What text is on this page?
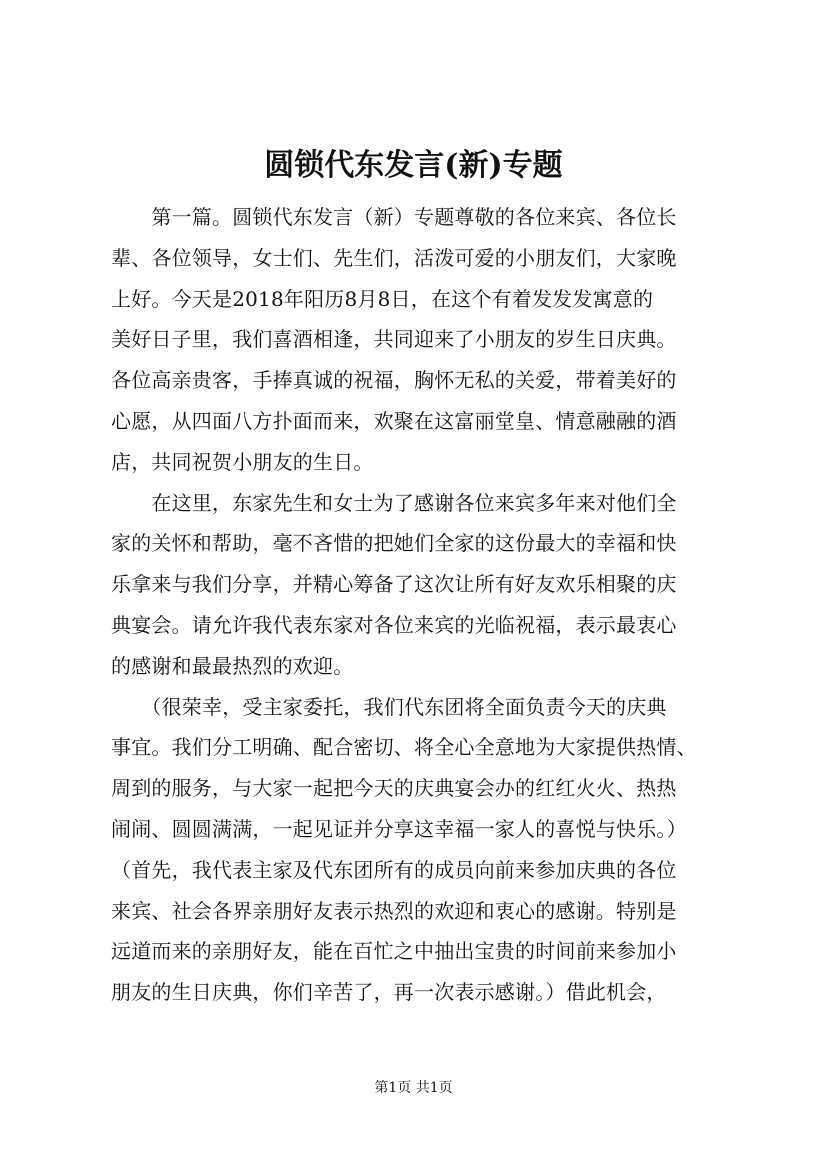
圆锁代东发言(新)专题
　　第一篇。圆锁代东发言（新）专题尊敬的各位来宾、各位长
辈、各位领导，女士们、先生们，活泼可爱的小朋友们，大家晚
上好。今天是2018年阳历8月8日，在这个有着发发发寓意的
美好日子里，我们喜酒相逢，共同迎来了小朋友的岁生日庆典。
各位高亲贵客，手捧真诚的祝福，胸怀无私的关爱，带着美好的
心愿，从四面八方扑面而来，欢聚在这富丽堂皇、情意融融的酒
店，共同祝贺小朋友的生日。
　　在这里，东家先生和女士为了感谢各位来宾多年来对他们全
家的关怀和帮助，毫不吝惜的把她们全家的这份最大的幸福和快
乐拿来与我们分享，并精心筹备了这次让所有好友欢乐相聚的庆
典宴会。请允许我代表东家对各位来宾的光临祝福，表示最衷心
的感谢和最最热烈的欢迎。
　　（很荣幸，受主家委托，我们代东团将全面负责今天的庆典
事宜。我们分工明确、配合密切、将全心全意地为大家提供热情、
周到的服务，与大家一起把今天的庆典宴会办的红红火火、热热
闹闹、圆圆满满，一起见证并分享这幸福一家人的喜悦与快乐。）
（首先，我代表主家及代东团所有的成员向前来参加庆典的各位
来宾、社会各界亲朋好友表示热烈的欢迎和衷心的感谢。特别是
远道而来的亲朋好友，能在百忙之中抽出宝贵的时间前来参加小
朋友的生日庆典，你们辛苦了，再一次表示感谢。）借此机会，
第1页 共1页
